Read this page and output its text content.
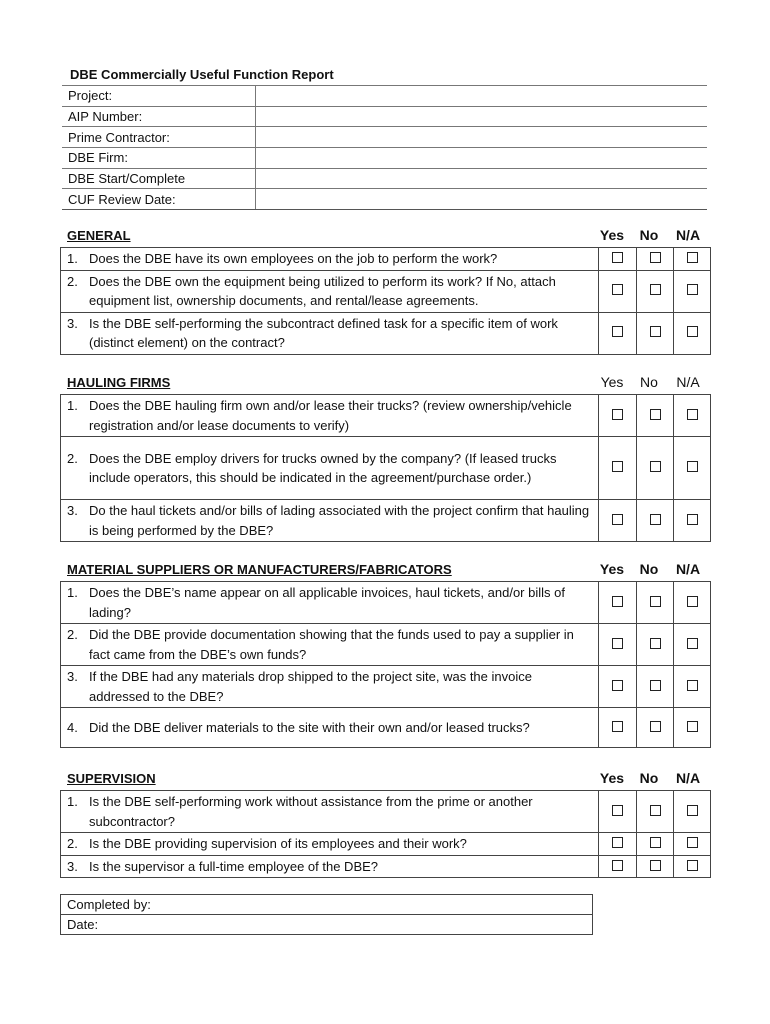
DBE Commercially Useful Function Report
Project:	
AIP Number:	
Prime Contractor:	
DBE Firm:	
DBE Start/Complete	
CUF Review Date:	
GENERAL	Yes No	N/A
1. Does the DBE have its own employees on the job to perform the work?			

2. Does the DBE own the equipment being utilized to perform its work? If No, attach equipment list, ownership documents, and rental/lease agreements.			

3. Is the DBE self-performing the subcontract defined task for a specific item of work (distinct element) on the contract?			

HAULING FIRMS	Yes No	N/A
1. Does the DBE hauling firm own and/or lease their trucks? (review ownership/vehicle registration and/or lease documents to verify)			

2. Does the DBE employ drivers for trucks owned by the company? (If leased trucks include operators, this should be indicated in the agreement/purchase order.)			

3. Do the haul tickets and/or bills of lading associated with the project confirm that hauling is being performed by the DBE?			

MATERIAL SUPPLIERS OR MANUFACTURERS/FABRICATORS	Yes No	N/A
1. Does the DBE’s name appear on all applicable invoices, haul tickets, and/or bills of lading?			

2. Did the DBE provide documentation showing that the funds used to pay a supplier in fact came from the DBE’s own funds?			

3. If the DBE had any materials drop shipped to the project site, was the invoice addressed to the DBE?			

4. Did the DBE deliver materials to the site with their own and/or leased trucks?			

SUPERVISION	Yes No	N/A
1. Is the DBE self-performing work without assistance from the prime or another subcontractor?			

2. Is the DBE providing supervision of its employees and their work?			

3. Is the supervisor a full-time employee of the DBE?			

Completed by:
Date:
